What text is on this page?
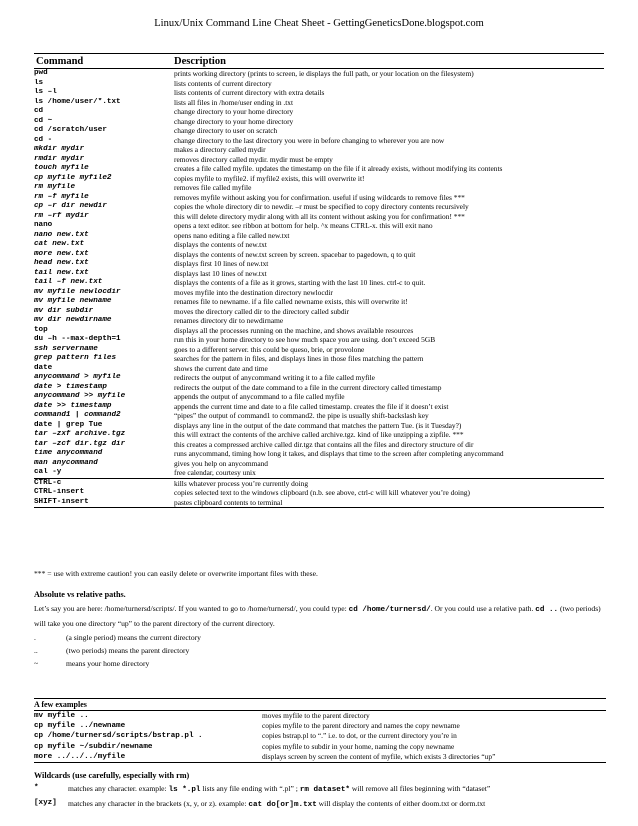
Linux/Unix Command Line Cheat Sheet - GettingGeneticsDone.blogspot.com
Command	Description
pwd	prints working directory (prints to screen, ie displays the full path, or your location on the filesystem)
ls	lists contents of current directory
ls –l	lists contents of current directory with extra details
ls /home/user/*.txt	lists all files in /home/user ending in .txt
cd	change directory to your home directory
cd ~	change directory to your home directory
cd /scratch/user	change directory to user on scratch
cd -	change directory to the last directory you were in before changing to wherever you are now
mkdir mydir	makes a directory called mydir
rmdir mydir	removes directory called mydir. mydir must be empty
touch myfile	creates a file called myfile. updates the timestamp on the file if it already exists, without modifying its contents
cp myfile myfile2	copies myfile to myfile2. if myfile2 exists, this will overwrite it!
rm myfile	removes file called myfile
rm –f myfile	removes myfile without asking you for confirmation. useful if using wildcards to remove files ***
cp –r dir newdir	copies the whole directory dir to newdir. –r must be specified to copy directory contents recursively
rm –rf mydir	this will delete directory mydir along with all its content without asking you for confirmation! ***
nano	opens a text editor. see ribbon at bottom for help. ^x means CTRL-x. this will exit nano
nano new.txt	opens nano editing a file called new.txt
cat new.txt	displays the contents of new.txt
more new.txt	displays the contents of new.txt screen by screen. spacebar to pagedown, q to quit
head new.txt	displays first 10 lines of new.txt
tail new.txt	displays last 10 lines of new.txt
tail –f new.txt	displays the contents of a file as it grows, starting with the last 10 lines. ctrl-c to quit.
mv myfile newlocdir	moves myfile into the destination directory newlocdir
mv myfile newname	renames file to newname. if a file called newname exists, this will overwrite it!
mv dir subdir	moves the directory called dir to the directory called subdir
mv dir newdirname	renames directory dir to newdirname
top	displays all the processes running on the machine, and shows available resources
du –h --max-depth=1	run this in your home directory to see how much space you are using. don’t exceed 5GB
ssh servername	goes to a different server. this could be queso, brie, or provolone
grep pattern files	searches for the pattern in files, and displays lines in those files matching the pattern
date	shows the current date and time
anycommand > myfile	redirects the output of anycommand writing it to a file called myfile
date > timestamp	redirects the output of the date command to a file in the current directory called timestamp
anycommand >> myfile	appends the output of anycommand to a file called myfile
date >> timestamp	appends the current time and date to a file called timestamp. creates the file if it doesn’t exist
command1 | command2	“pipes” the output of command1 to command2. the pipe is usually shift-backslash key
date | grep Tue	displays any line in the output of the date command that matches the pattern Tue. (is it Tuesday?)
tar –zxf archive.tgz	this will extract the contents of the archive called archive.tgz. kind of like unzipping a zipfile. ***
tar –zcf dir.tgz dir	this creates a compressed archive called dir.tgz that contains all the files and directory structure of dir
time anycommand	runs anycommand, timing how long it takes, and displays that time to the screen after completing anycommand
man anycommand	gives you help on anycommand
cal -y	free calendar, courtesy unix
CTRL-c	kills whatever process you’re currently doing
CTRL-insert	copies selected text to the windows clipboard (n.b. see above, ctrl-c will kill whatever you’re doing)
SHIFT-insert	pastes clipboard contents to terminal
*** = use with extreme caution! you can easily delete or overwrite important files with these.
Absolute vs relative paths.
Let’s say you are here: /home/turnersd/scripts/. If you wanted to go to /home/turnersd/, you could type: cd /home/turnersd/. Or you could use a relative path. cd .. (two periods) will take you one directory “up” to the parent directory of the current directory.
.	(a single period) means the current directory
..	(two periods) means the parent directory
~	means your home directory
A few examples
mv myfile ..	moves myfile to the parent directory
cp myfile ../newname	copies myfile to the parent directory and names the copy newname
cp /home/turnersd/scripts/bstrap.pl .	copies bstrap.pl to “.” i.e. to dot, or the current directory you’re in
cp myfile ~/subdir/newname	copies myfile to subdir in your home, naming the copy newname
more ../../../myfile	displays screen by screen the content of myfile, which exists 3 directories “up”
Wildcards (use carefully, especially with rm)
*	matches any character. example: ls *.pl lists any file ending with “.pl” ; rm dataset* will remove all files beginning with “dataset”
[xyz]	matches any character in the brackets (x, y, or z). example: cat do[or]m.txt will display the contents of either doom.txt or dorm.txt
